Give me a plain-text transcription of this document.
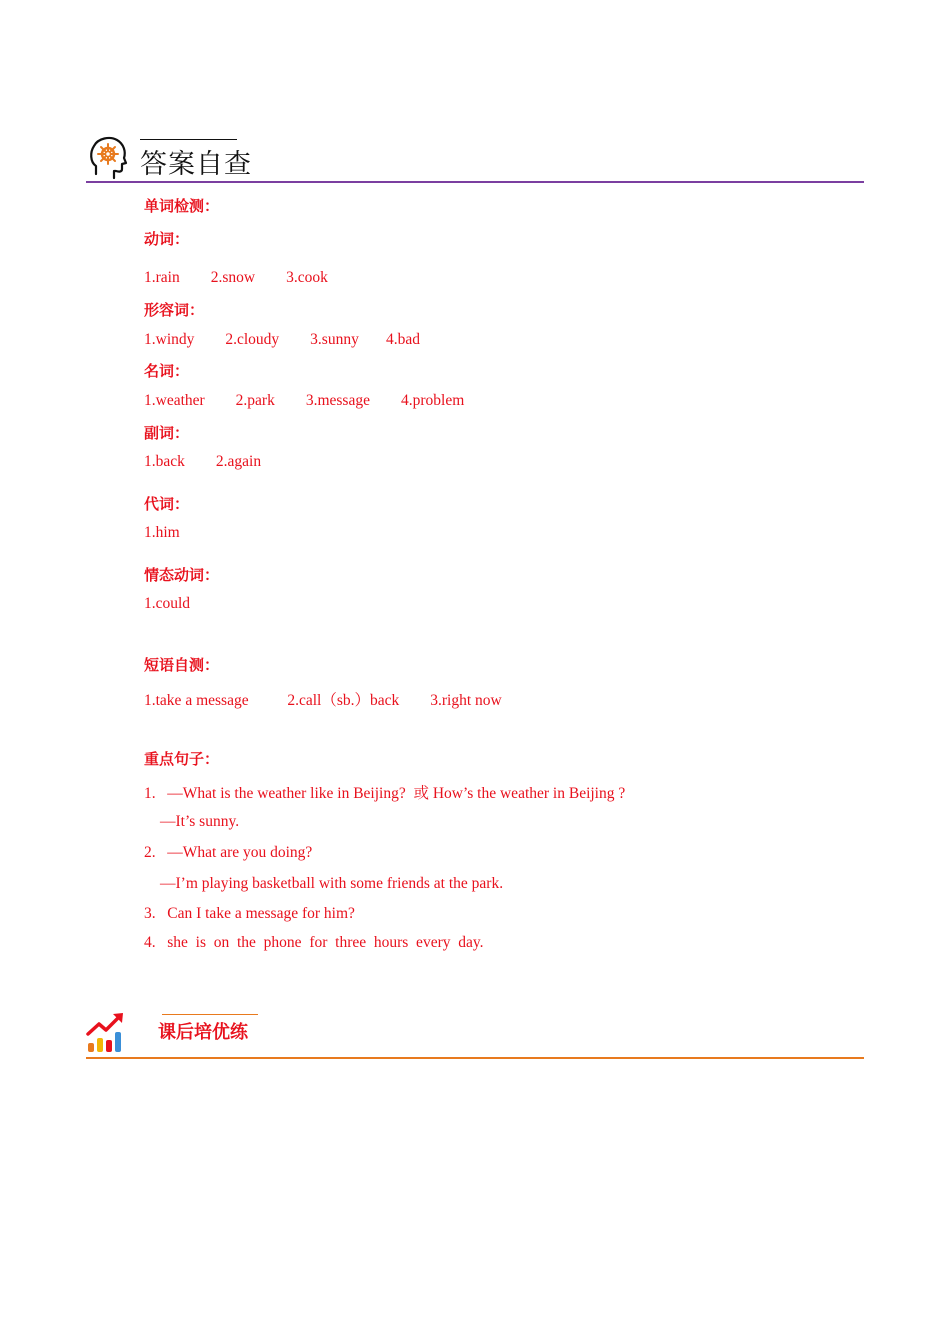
答案自查
单词检测：
动词：
1.rain        2.snow        3.cook
形容词：
1.windy        2.cloudy        3.sunny       4.bad
名词：
1.weather        2.park        3.message        4.problem
副词：
1.back        2.again
代词：
1.him
情态动词：
1.could
短语自测：
1.take a message          2.call（sb.）back        3.right now
重点句子：
1.   —What is the weather like in Beijing?  或 How’s the weather in Beijing ?
—It’s sunny.
2.   —What are you doing?
—I’m playing basketball with some friends at the park.
3.   Can I take a message for him?
4.   she  is  on  the  phone  for  three  hours  every  day.
课后培优练
